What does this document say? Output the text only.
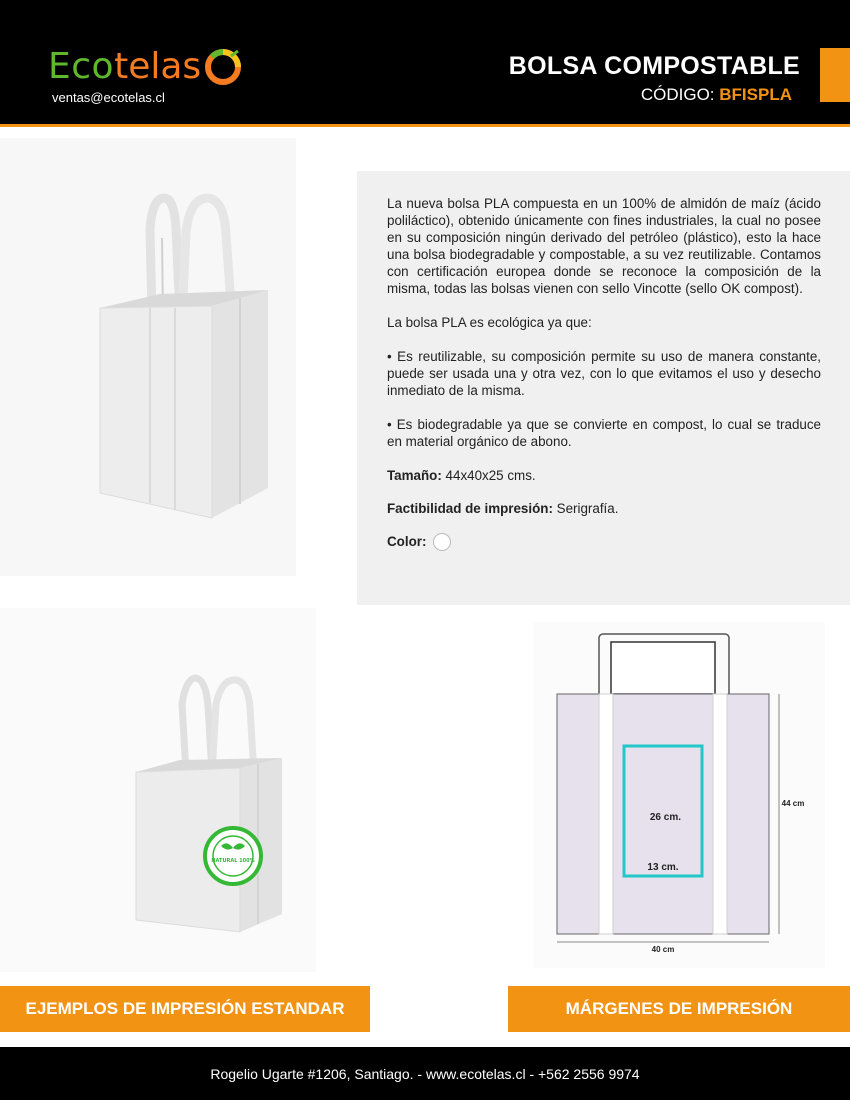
Eco telas
ventas@ecotelas.cl
BOLSA COMPOSTABLE
CÓDIGO: BFISPLA

La nueva bolsa PLA compuesta en un 100% de almidón de maíz (ácido poliláctico), obtenido únicamente con fines industriales, la cual no posee en su composición ningún derivado del petróleo (plástico), esto la hace una bolsa biodegradable y compostable, a su vez reutilizable. Contamos con certificación europea donde se reconoce la composición de la misma, todas las bolsas vienen con sello Vincotte (sello OK compost).

La bolsa PLA es ecológica ya que:

• Es reutilizable, su composición permite su uso de manera constante, puede ser usada una y otra vez, con lo que evitamos el uso y desecho inmediato de la misma.

• Es biodegradable ya que se convierte en compost, lo cual se traduce en material orgánico de abono.

Tamaño: 44x40x25 cms.
Factibilidad de impresión: Serigrafía.
Color:
NATURAL 100%
26 cm.
13 cm.
44 cm
40 cm
EJEMPLOS DE IMPRESIÓN ESTANDAR	MÁRGENES DE IMPRESIÓN
Rogelio Ugarte #1206, Santiago. - www.ecotelas.cl - +562 2556 9974
